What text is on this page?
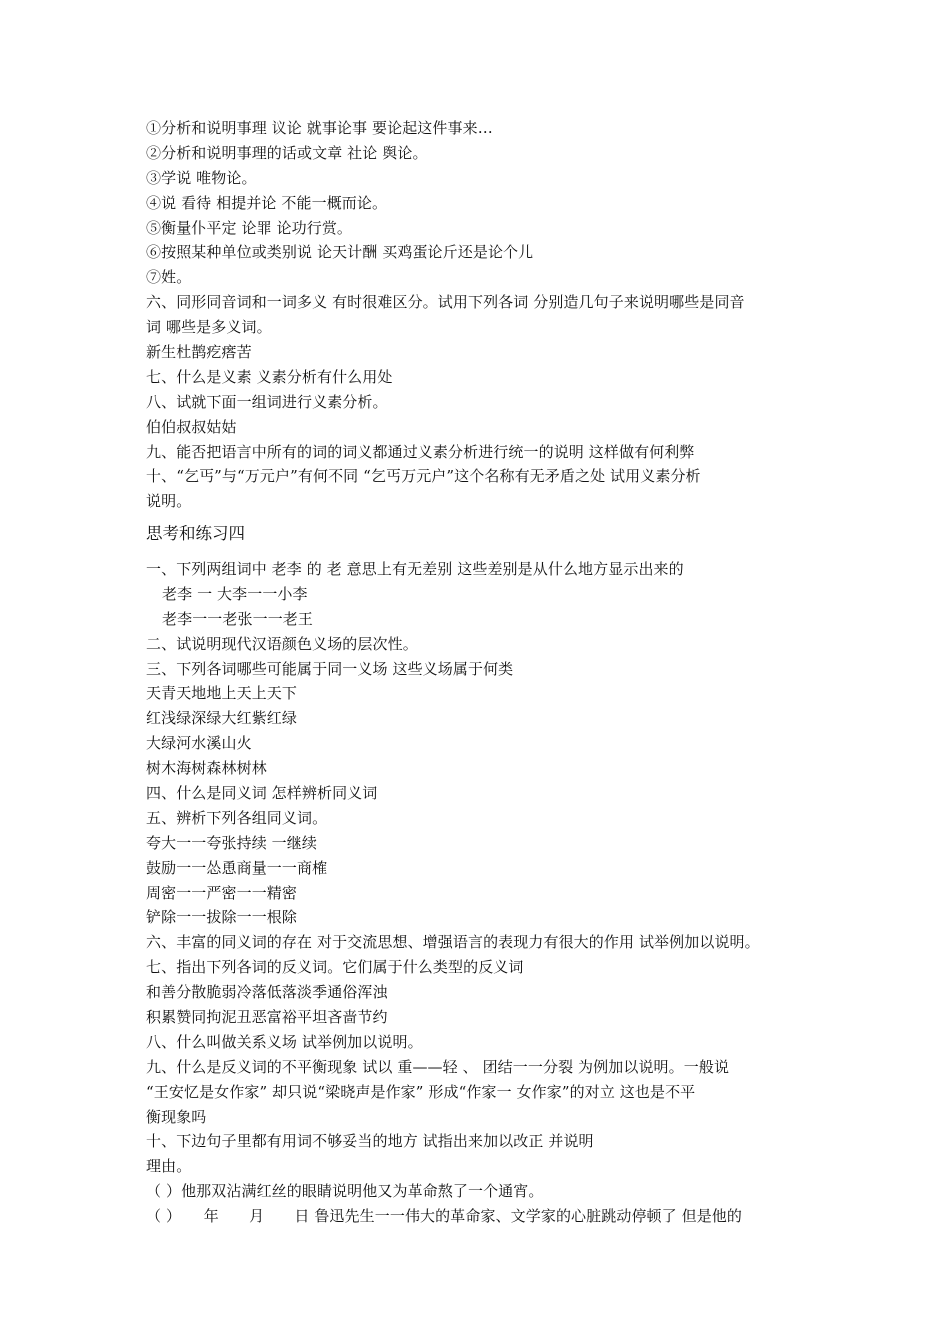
①分析和说明事理 议论 就事论事 要论起这件事来…
②分析和说明事理的话或文章 社论 舆论。
③学说 唯物论。
④说 看待 相提并论 不能一概而论。
⑤衡量仆平定 论罪 论功行赏。
⑥按照某种单位或类别说 论天计酬 买鸡蛋论斤还是论个儿
⑦姓。
六、同形同音词和一词多义 有时很难区分。试用下列各词 分别造几句子来说明哪些是同音
词 哪些是多义词。
新生杜鹊疙瘩苦
七、什么是义素 义素分析有什么用处
八、试就下面一组词进行义素分析。
伯伯叔叔姑姑
九、能否把语言中所有的词的词义都通过义素分析进行统一的说明 这样做有何利弊
十、“乞丐”与“万元户”有何不同 “乞丐万元户”这个名称有无矛盾之处 试用义素分析
说明。
思考和练习四
一、下列两组词中 老李 的 老 意思上有无差别 这些差别是从什么地方显示出来的
老李 一 大李一一小李
老李一一老张一一老王
二、试说明现代汉语颜色义场的层次性。
三、下列各词哪些可能属于同一义场 这些义场属于何类
天青天地地上天上天下
红浅绿深绿大红紫红绿
大绿河水溪山火
树木海树森林树林
四、什么是同义词 怎样辨析同义词
五、辨析下列各组同义词。
夸大一一夸张持续 一继续
鼓励一一怂恿商量一一商榷
周密一一严密一一精密
铲除一一拔除一一根除
六、丰富的同义词的存在 对于交流思想、增强语言的表现力有很大的作用 试举例加以说明。
七、指出下列各词的反义词。它们属于什么类型的反义词
和善分散脆弱冷落低落淡季通俗浑浊
积累赞同拘泥丑恶富裕平坦吝啬节约
八、什么叫做关系义场 试举例加以说明。
九、什么是反义词的不平衡现象 试以 重——轻 、 团结一一分裂 为例加以说明。一般说
“王安忆是女作家” 却只说“梁晓声是作家” 形成“作家一 女作家”的对立 这也是不平
衡现象吗
十、下边句子里都有用词不够妥当的地方 试指出来加以改正 并说明
理由。
（ ）他那双沾满红丝的眼睛说明他又为革命熬了一个通宵。
（ ）　　年　　月　　日 鲁迅先生一一伟大的革命家、文学家的心脏跳动停顿了 但是他的
